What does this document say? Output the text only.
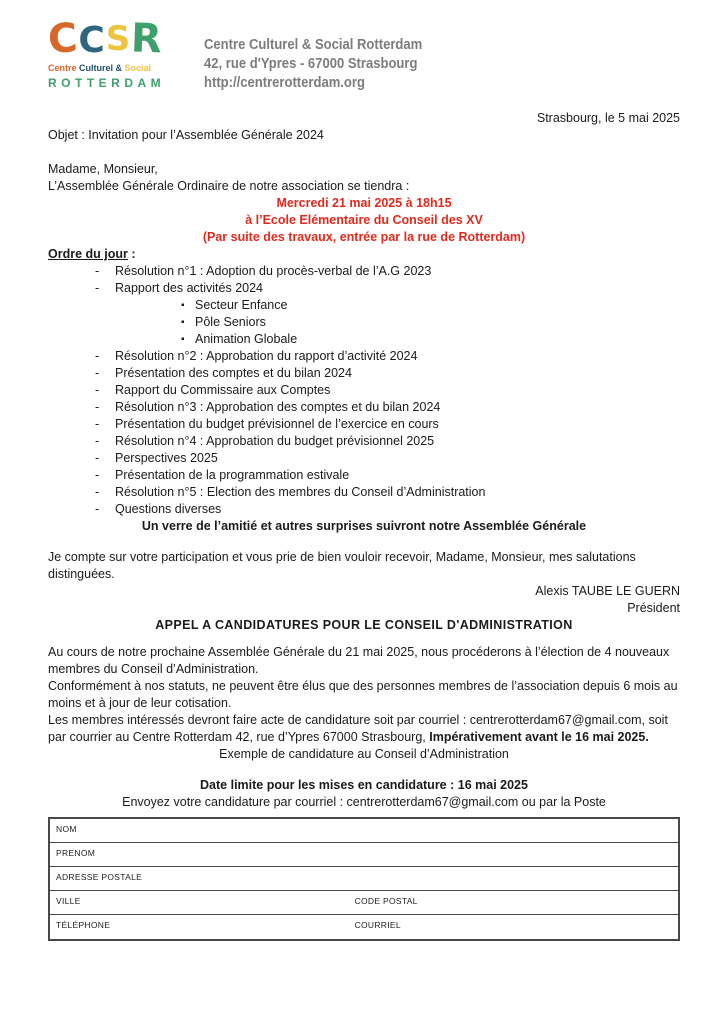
CCSR
Centre Culturel & Social
ROTTERDAM
Centre Culturel & Social Rotterdam
42, rue d'Ypres - 67000 Strasbourg
http://centrerotterdam.org
Strasbourg, le 5 mai 2025
Objet : Invitation pour l’Assemblée Générale 2024
Madame, Monsieur,
L’Assemblée Générale Ordinaire de notre association se tiendra :
Mercredi 21 mai 2025 à 18h15
à l’Ecole Elémentaire du Conseil des XV
(Par suite des travaux, entrée par la rue de Rotterdam)
Ordre du jour :
- Résolution n°1 : Adoption du procès-verbal de l’A.G 2023
- Rapport des activités 2024
▪ Secteur Enfance
▪ Pôle Seniors
▪ Animation Globale
- Résolution n°2 : Approbation du rapport d’activité 2024
- Présentation des comptes et du bilan 2024
- Rapport du Commissaire aux Comptes
- Résolution n°3 : Approbation des comptes et du bilan 2024
- Présentation du budget prévisionnel de l’exercice en cours
- Résolution n°4 : Approbation du budget prévisionnel 2025
- Perspectives 2025
- Présentation de la programmation estivale
- Résolution n°5 : Election des membres du Conseil d’Administration
- Questions diverses
Un verre de l’amitié et autres surprises suivront notre Assemblée Générale
Je compte sur votre participation et vous prie de bien vouloir recevoir, Madame, Monsieur, mes salutations distinguées.
Alexis TAUBE LE GUERN
Président
APPEL A CANDIDATURES POUR LE CONSEIL D'ADMINISTRATION
Au cours de notre prochaine Assemblée Générale du 21 mai 2025, nous procéderons à l’élection de 4 nouveaux membres du Conseil d’Administration.
Conformément à nos statuts, ne peuvent être élus que des personnes membres de l’association depuis 6 mois au moins et à jour de leur cotisation.
Les membres intéressés devront faire acte de candidature soit par courriel : centrerotterdam67@gmail.com, soit par courrier au Centre Rotterdam 42, rue d’Ypres 67000 Strasbourg, Impérativement avant le 16 mai 2025.
Exemple de candidature au Conseil d’Administration
Date limite pour les mises en candidature : 16 mai 2025
Envoyez votre candidature par courriel : centrerotterdam67@gmail.com ou par la Poste
NOM
PRENOM
ADRESSE POSTALE
VILLE	CODE POSTAL
TÉLÉPHONE	COURRIEL
